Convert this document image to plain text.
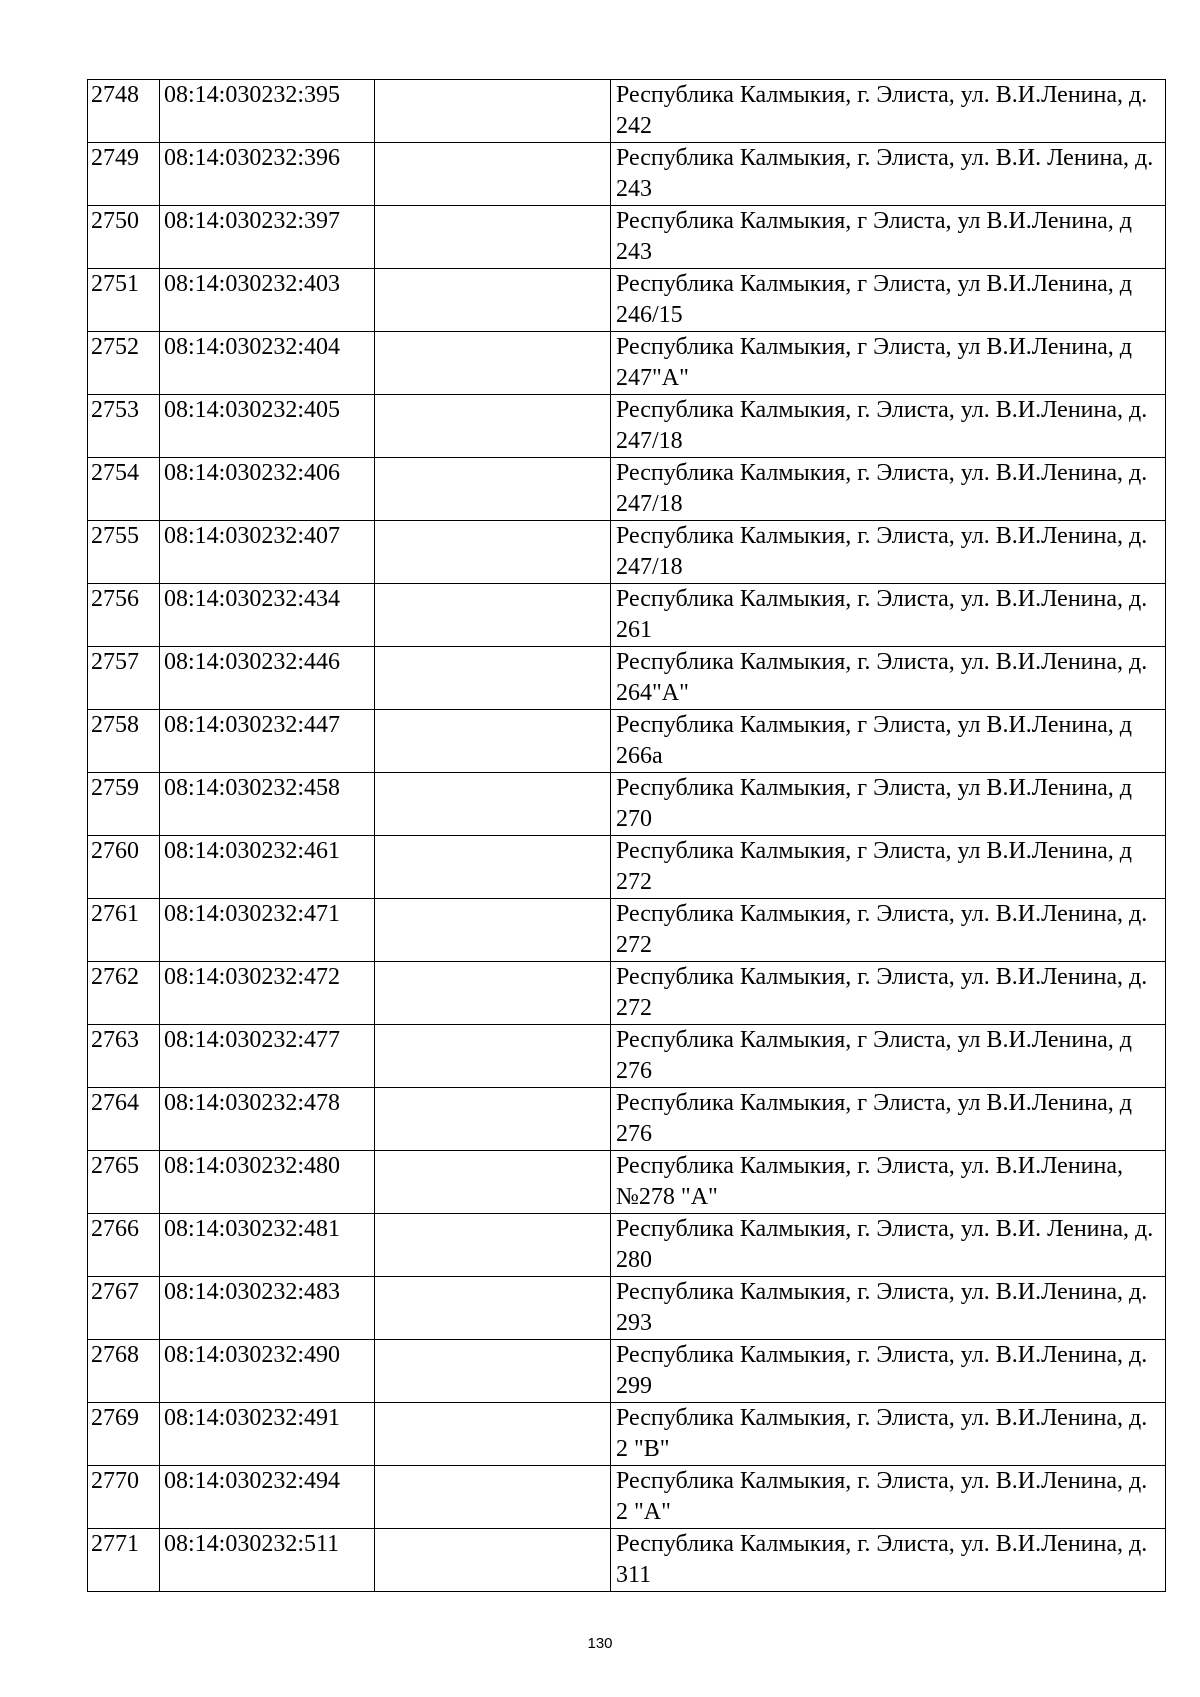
2748	08:14:030232:395		Республика Калмыкия, г. Элиста, ул. В.И.Ленина, д. 242
2749	08:14:030232:396		Республика Калмыкия, г. Элиста, ул. В.И. Ленина, д. 243
2750	08:14:030232:397		Республика Калмыкия, г Элиста, ул В.И.Ленина, д 243
2751	08:14:030232:403		Республика Калмыкия, г Элиста, ул В.И.Ленина, д 246/15
2752	08:14:030232:404		Республика Калмыкия, г Элиста, ул В.И.Ленина, д 247"А"
2753	08:14:030232:405		Республика Калмыкия, г. Элиста, ул. В.И.Ленина, д. 247/18
2754	08:14:030232:406		Республика Калмыкия, г. Элиста, ул. В.И.Ленина, д. 247/18
2755	08:14:030232:407		Республика Калмыкия, г. Элиста, ул. В.И.Ленина, д. 247/18
2756	08:14:030232:434		Республика Калмыкия, г. Элиста, ул. В.И.Ленина, д. 261
2757	08:14:030232:446		Республика Калмыкия, г. Элиста, ул. В.И.Ленина, д. 264"А"
2758	08:14:030232:447		Республика Калмыкия, г Элиста, ул В.И.Ленина, д 266а
2759	08:14:030232:458		Республика Калмыкия, г Элиста, ул В.И.Ленина, д 270
2760	08:14:030232:461		Республика Калмыкия, г Элиста, ул В.И.Ленина, д 272
2761	08:14:030232:471		Республика Калмыкия, г. Элиста, ул. В.И.Ленина, д. 272
2762	08:14:030232:472		Республика Калмыкия, г. Элиста, ул. В.И.Ленина, д. 272
2763	08:14:030232:477		Республика Калмыкия, г Элиста, ул В.И.Ленина, д 276
2764	08:14:030232:478		Республика Калмыкия, г Элиста, ул В.И.Ленина, д 276
2765	08:14:030232:480		Республика Калмыкия, г. Элиста, ул. В.И.Ленина, №278 "А"
2766	08:14:030232:481		Республика Калмыкия, г. Элиста, ул. В.И. Ленина, д. 280
2767	08:14:030232:483		Республика Калмыкия, г. Элиста, ул. В.И.Ленина, д. 293
2768	08:14:030232:490		Республика Калмыкия, г. Элиста, ул. В.И.Ленина, д. 299
2769	08:14:030232:491		Республика Калмыкия, г. Элиста, ул. В.И.Ленина, д. 2 "В"
2770	08:14:030232:494		Республика Калмыкия, г. Элиста, ул. В.И.Ленина, д. 2 "А"
2771	08:14:030232:511		Республика Калмыкия, г. Элиста, ул. В.И.Ленина, д. 311
130
